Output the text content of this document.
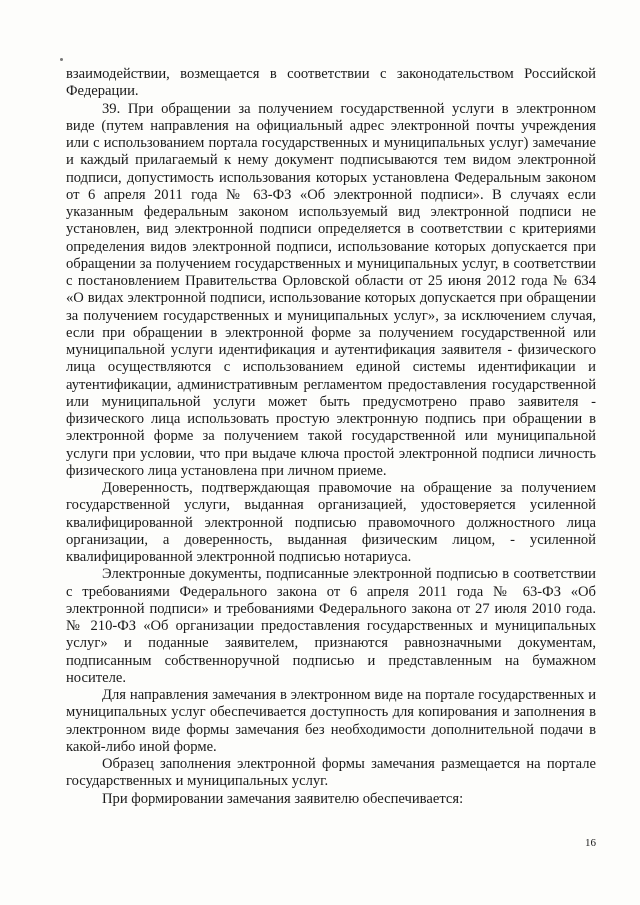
взаимодействии, возмещается в соответствии с законодательством Российской Федерации.

39. При обращении за получением государственной услуги в электронном виде (путем направления на официальный адрес электронной почты учреждения или с использованием портала государственных и муниципальных услуг) замечание и каждый прилагаемый к нему документ подписываются тем видом электронной подписи, допустимость использования которых установлена Федеральным законом от 6 апреля 2011 года № 63-ФЗ «Об электронной подписи». В случаях если указанным федеральным законом используемый вид электронной подписи не установлен, вид электронной подписи определяется в соответствии с критериями определения видов электронной подписи, использование которых допускается при обращении за получением государственных и муниципальных услуг, в соответствии с постановлением Правительства Орловской области от 25 июня 2012 года № 634 «О видах электронной подписи, использование которых допускается при обращении за получением государственных и муниципальных услуг», за исключением случая, если при обращении в электронной форме за получением государственной или муниципальной услуги идентификация и аутентификация заявителя - физического лица осуществляются с использованием единой системы идентификации и аутентификации, административным регламентом предоставления государственной или муниципальной услуги может быть предусмотрено право заявителя - физического лица использовать простую электронную подпись при обращении в электронной форме за получением такой государственной или муниципальной услуги при условии, что при выдаче ключа простой электронной подписи личность физического лица установлена при личном приеме.

Доверенность, подтверждающая правомочие на обращение за получением государственной услуги, выданная организацией, удостоверяется усиленной квалифицированной электронной подписью правомочного должностного лица организации, а доверенность, выданная физическим лицом, - усиленной квалифицированной электронной подписью нотариуса.

Электронные документы, подписанные электронной подписью в соответствии с требованиями Федерального закона от 6 апреля 2011 года № 63-ФЗ «Об электронной подписи» и требованиями Федерального закона от 27 июля 2010 года. № 210-ФЗ «Об организации предоставления государственных и муниципальных услуг» и поданные заявителем, признаются равнозначными документам, подписанным собственноручной подписью и представленным на бумажном носителе.

Для направления замечания в электронном виде на портале государственных и муниципальных услуг обеспечивается доступность для копирования и заполнения в электронном виде формы замечания без необходимости дополнительной подачи в какой-либо иной форме.

Образец заполнения электронной формы замечания размещается на портале государственных и муниципальных услуг.

При формировании замечания заявителю обеспечивается:

16
